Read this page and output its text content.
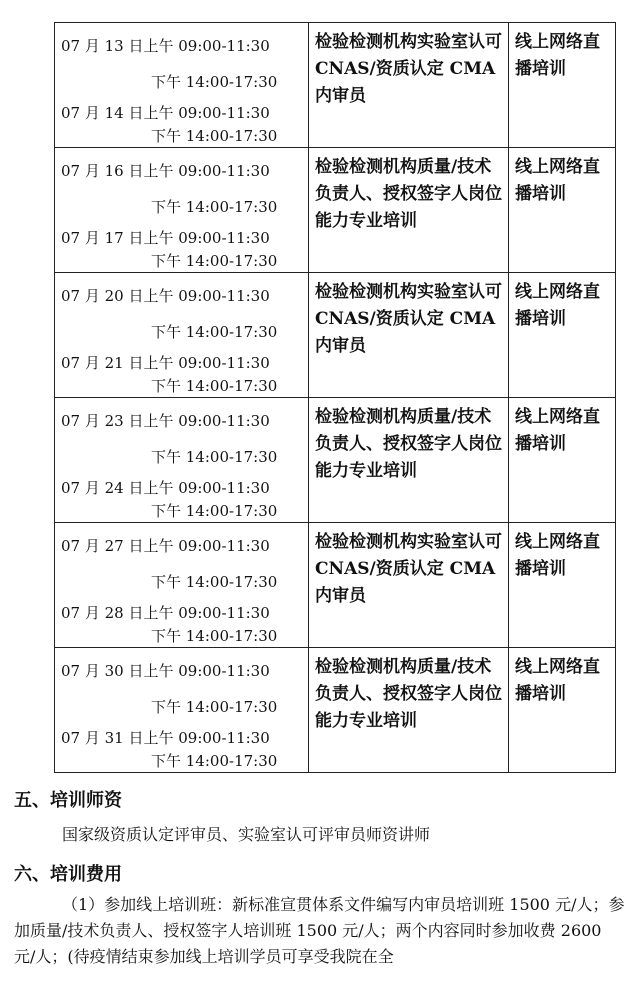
07 月 13 日上午 09:00-11:30
下午 14:00-17:30
07 月 14 日上午 09:00-11:30
下午 14:00-17:30	检验检测机构实验室认可 CNAS/资质认定 CMA 内审员	线上网络直播培训

07 月 16 日上午 09:00-11:30
下午 14:00-17:30
07 月 17 日上午 09:00-11:30
下午 14:00-17:30	检验检测机构质量/技术负责人、授权签字人岗位能力专业培训	线上网络直播培训

07 月 20 日上午 09:00-11:30
下午 14:00-17:30
07 月 21 日上午 09:00-11:30
下午 14:00-17:30	检验检测机构实验室认可 CNAS/资质认定 CMA 内审员	线上网络直播培训

07 月 23 日上午 09:00-11:30
下午 14:00-17:30
07 月 24 日上午 09:00-11:30
下午 14:00-17:30	检验检测机构质量/技术负责人、授权签字人岗位能力专业培训	线上网络直播培训

07 月 27 日上午 09:00-11:30
下午 14:00-17:30
07 月 28 日上午 09:00-11:30
下午 14:00-17:30	检验检测机构实验室认可 CNAS/资质认定 CMA 内审员	线上网络直播培训

07 月 30 日上午 09:00-11:30
下午 14:00-17:30
07 月 31 日上午 09:00-11:30
下午 14:00-17:30	检验检测机构质量/技术负责人、授权签字人岗位能力专业培训	线上网络直播培训
五、培训师资
国家级资质认定评审员、实验室认可评审员师资讲师
六、培训费用
（1）参加线上培训班：新标准宣贯体系文件编写内审员培训班 1500 元/人；参加质量/技术负责人、授权签字人培训班 1500 元/人；两个内容同时参加收费 2600 元/人；(待疫情结束参加线上培训学员可享受我院在全
